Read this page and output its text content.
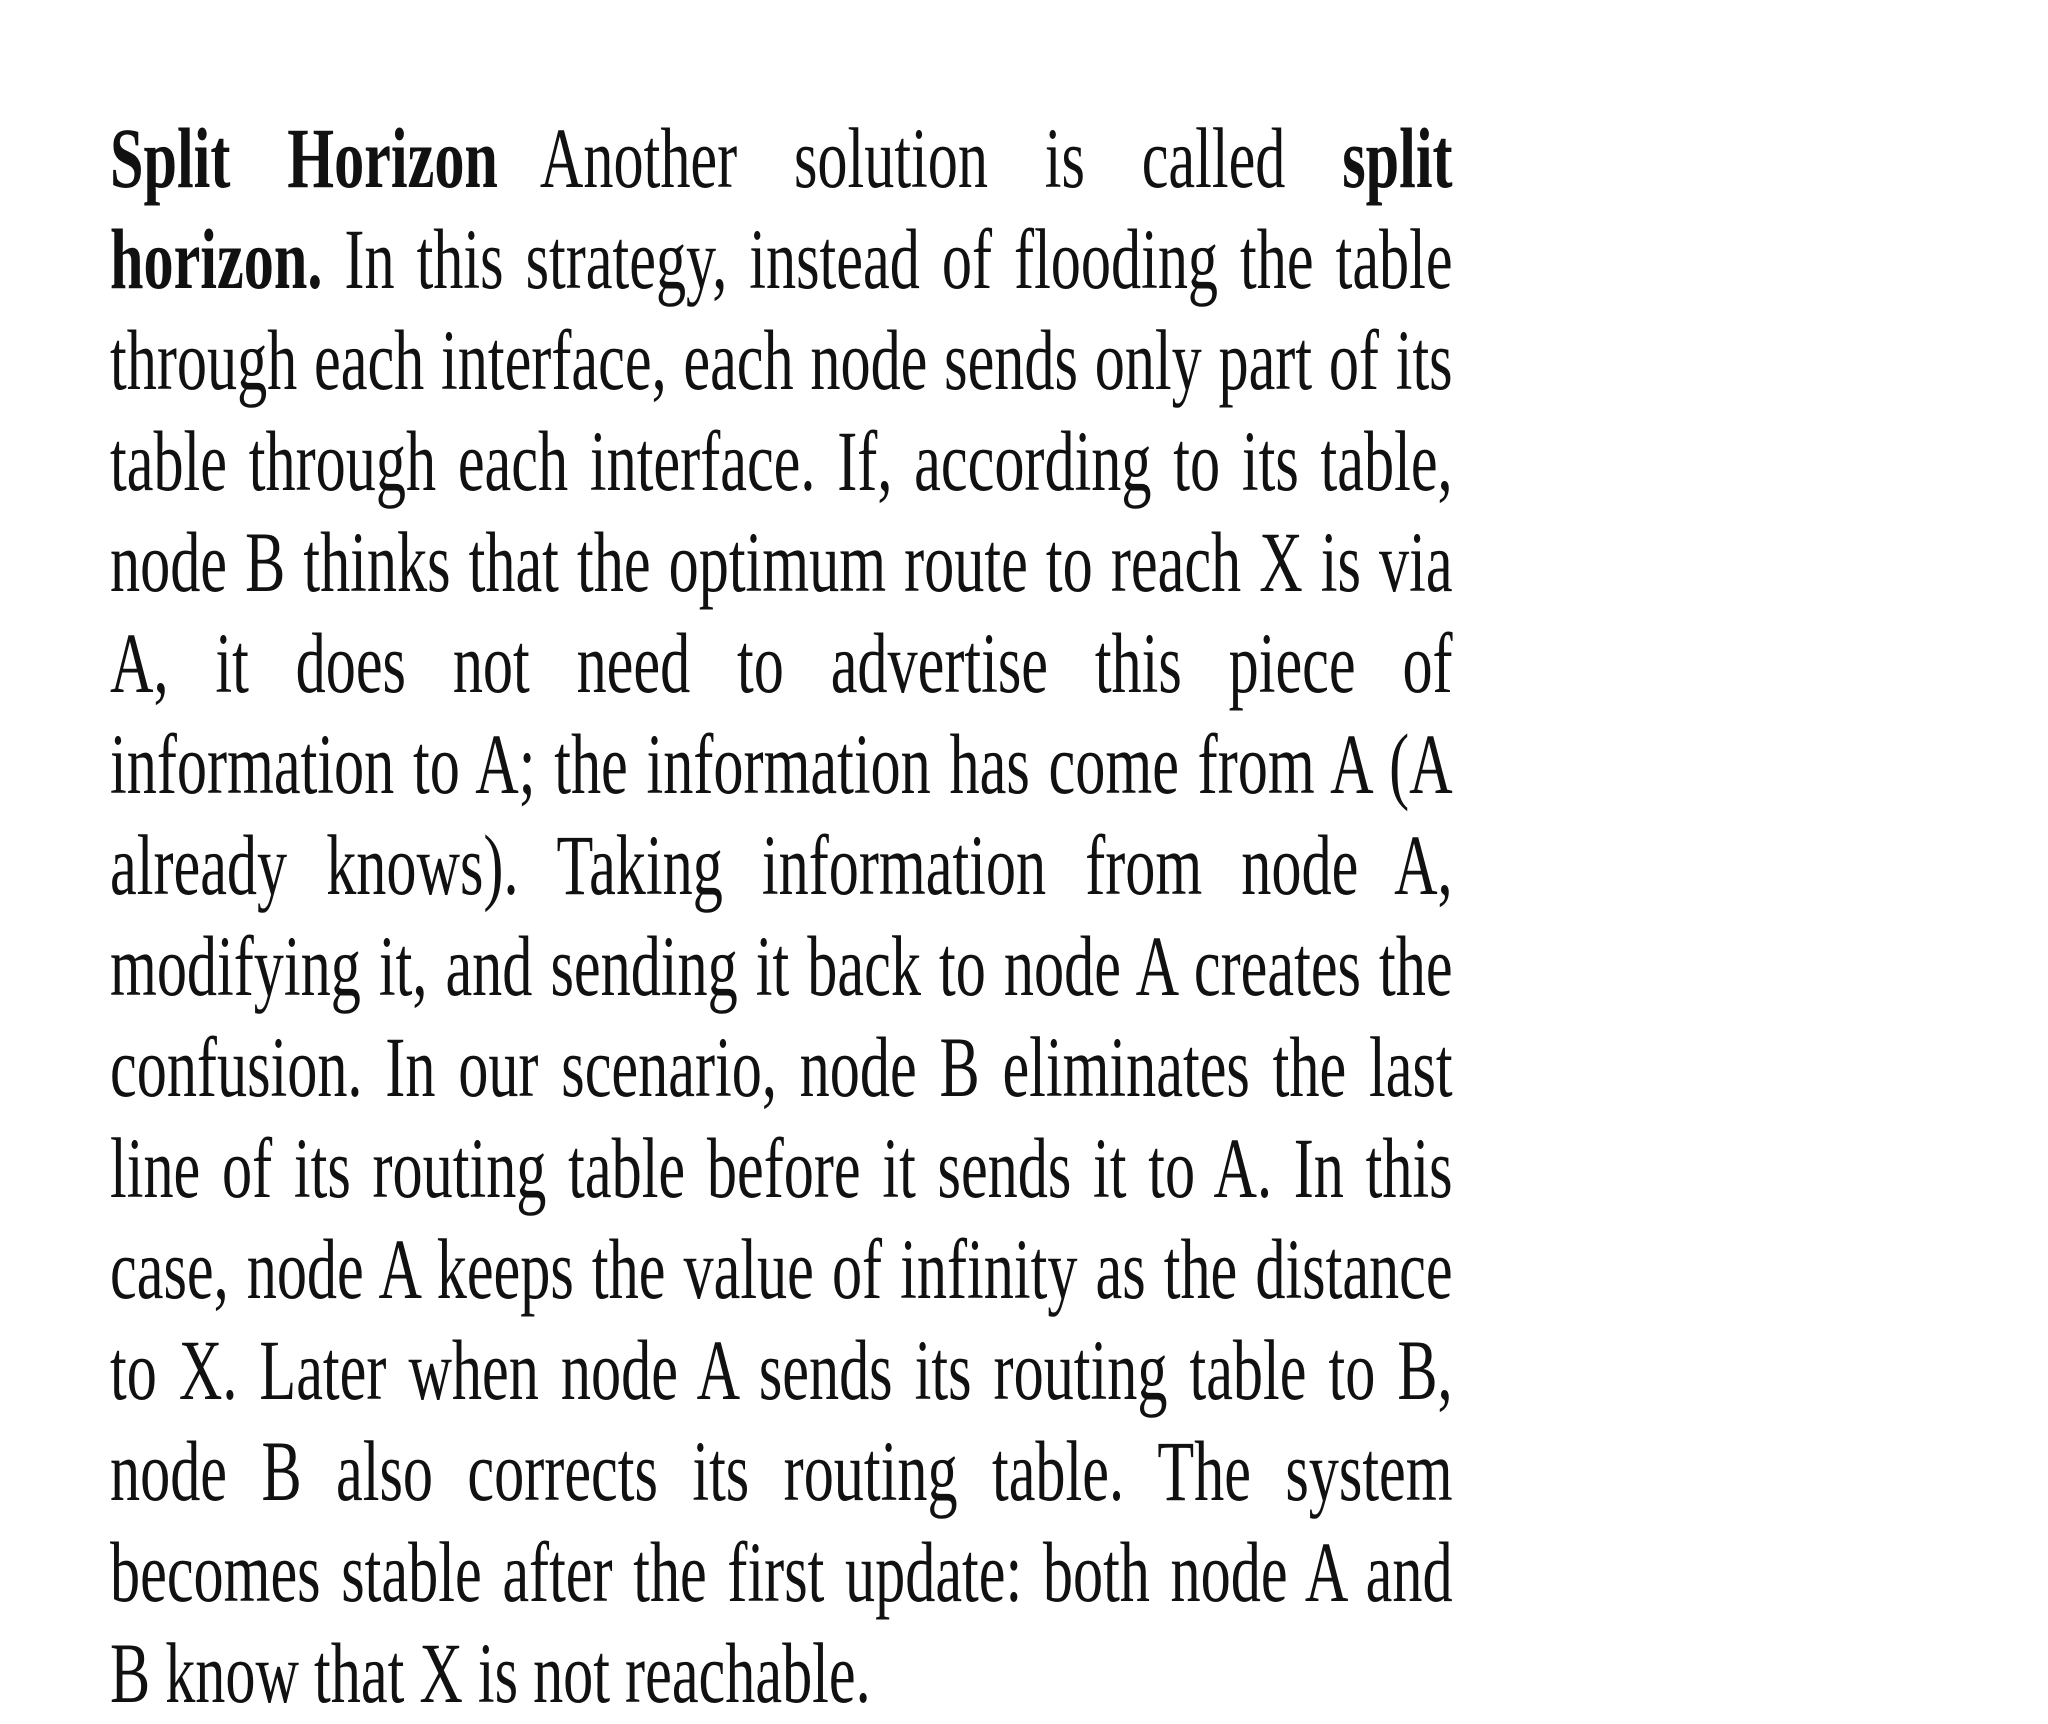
Split Horizon Another solution is called split horizon. In this strategy, instead of flooding the table through each interface, each node sends only part of its table through each interface. If, according to its table, node B thinks that the optimum route to reach X is via A, it does not need to advertise this piece of information to A; the information has come from A (A already knows). Taking information from node A, modifying it, and sending it back to node A creates the confusion. In our scenario, node B eliminates the last line of its routing table before it sends it to A. In this case, node A keeps the value of infinity as the distance to X. Later when node A sends its routing table to B, node B also corrects its routing table. The system becomes stable after the first update: both node A and B know that X is not reachable.
